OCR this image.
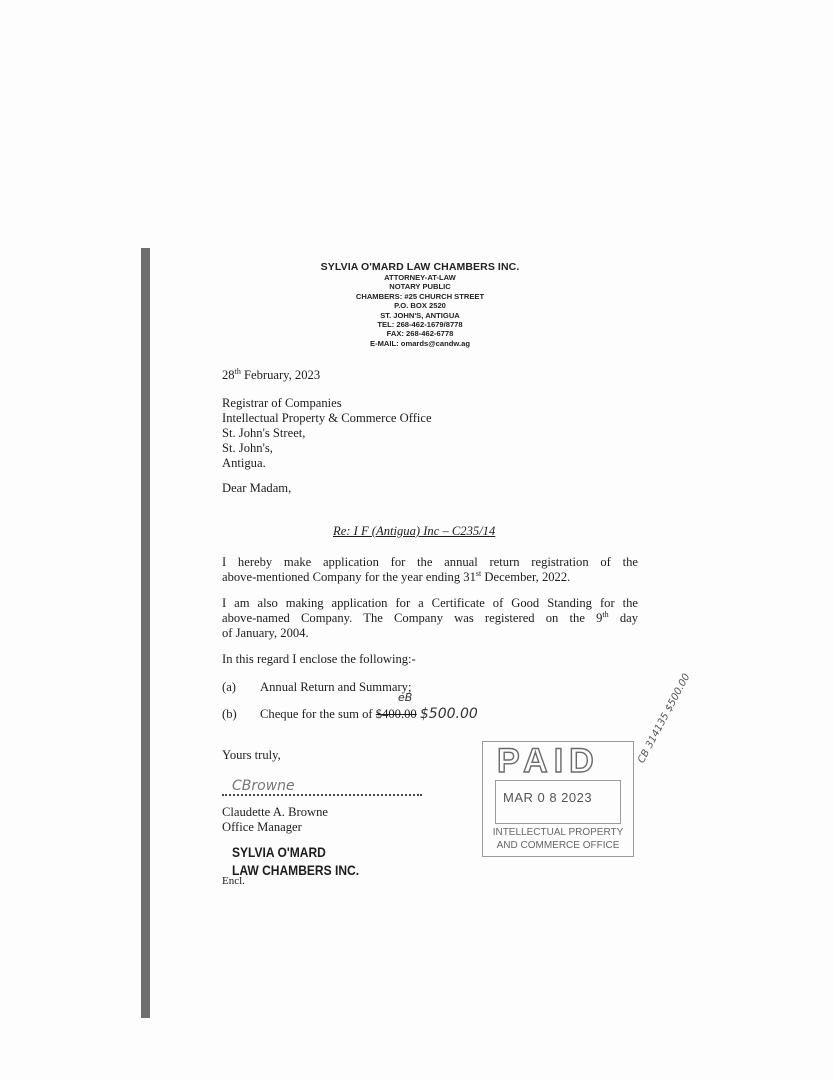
SYLVIA O'MARD LAW CHAMBERS INC.
ATTORNEY-AT-LAW
NOTARY PUBLIC
CHAMBERS: #25 CHURCH STREET
P.O. BOX 2520
ST. JOHN'S, ANTIGUA
TEL: 268-462-1679/8778
FAX: 268-462-6778
E-MAIL: omards@candw.ag
28th February, 2023
Registrar of Companies
Intellectual Property & Commerce Office
St. John's Street,
St. John's,
Antigua.
Dear Madam,
Re: I F (Antigua) Inc – C235/14
I hereby make application for the annual return registration of the
above-mentioned Company for the year ending 31st December, 2022.
I am also making application for a Certificate of Good Standing for the
above-named Company. The Company was registered on the 9th day
of January, 2004.
In this regard I enclose the following:-
(a) Annual Return and Summary;
(b) Cheque for the sum of $400.00 $500.00
eB
Yours truly,
CBrowne
Claudette A. Browne
Office Manager
SYLVIA O'MARD
LAW CHAMBERS INC.
Encl.
PAID
MAR 0 8 2023
INTELLECTUAL PROPERTY
AND COMMERCE OFFICE
CB 314135 $500.00
